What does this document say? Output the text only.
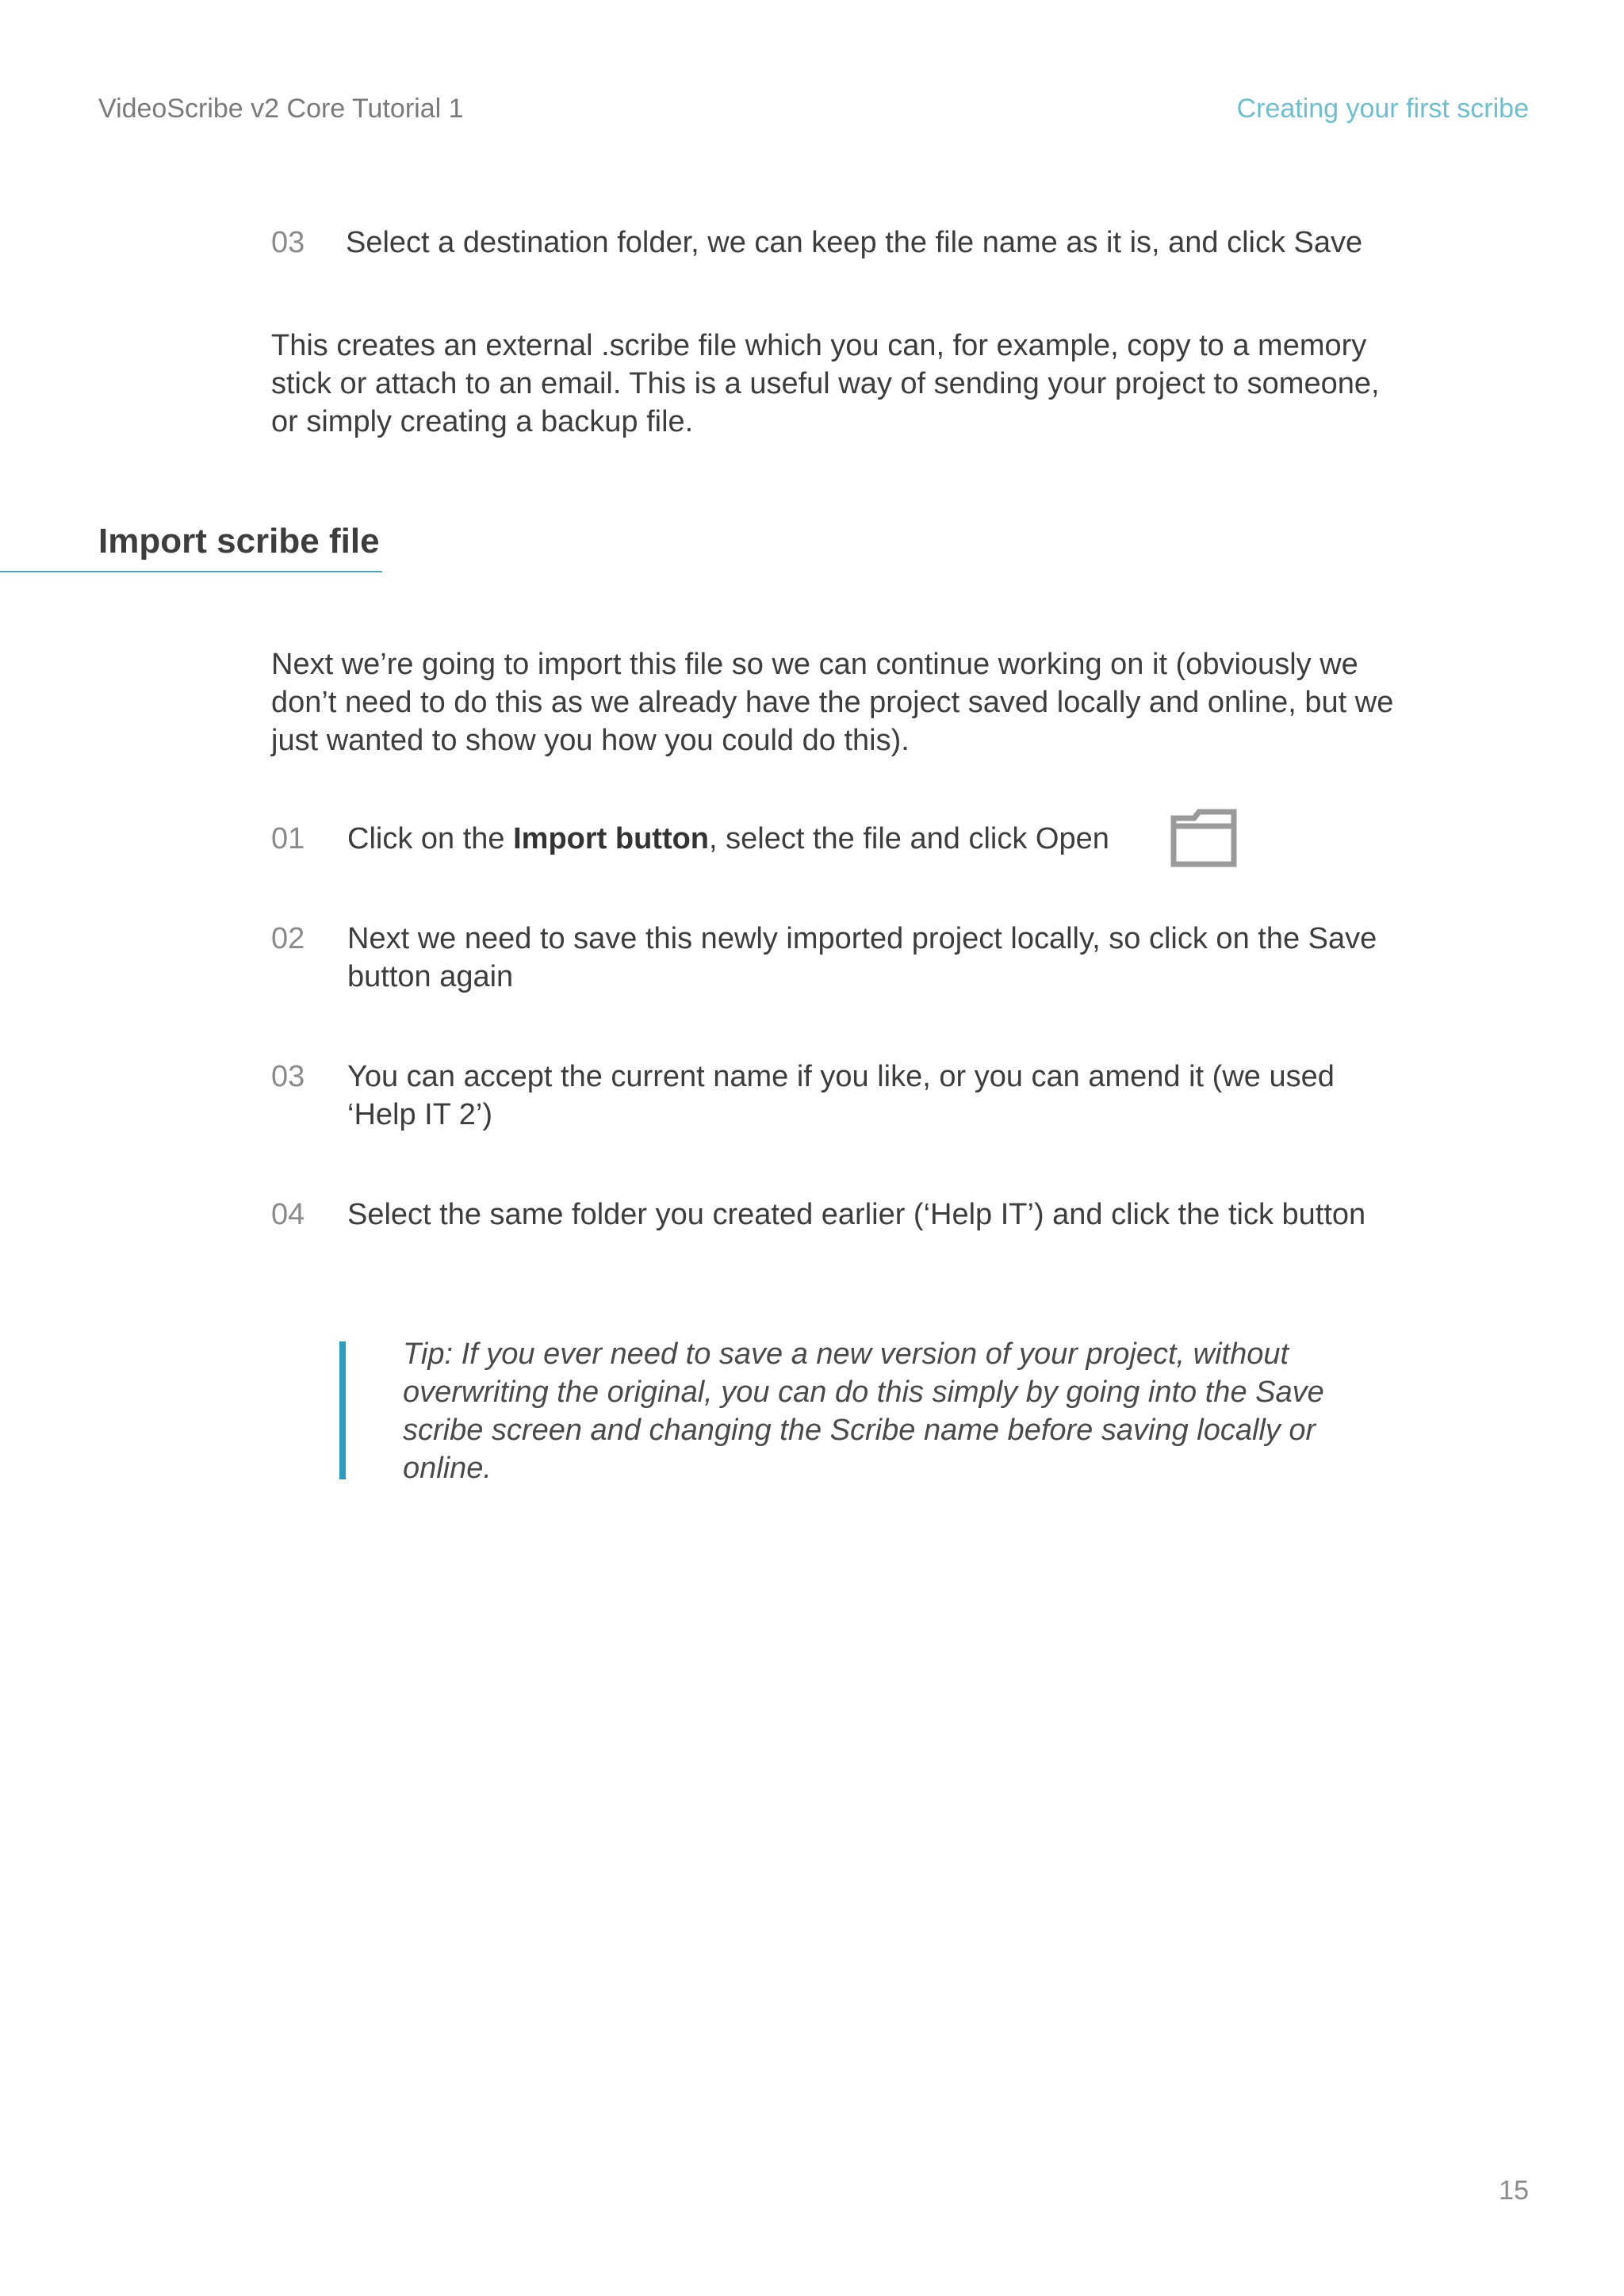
VideoScribe v2 Core Tutorial 1	Creating your first scribe
03	Select a destination folder, we can keep the file name as it is, and click Save
This creates an external .scribe file which you can, for example, copy to a memory stick or attach to an email. This is a useful way of sending your project to someone, or simply creating a backup file.
Import scribe file
Next we’re going to import this file so we can continue working on it (obviously we don’t need to do this as we already have the project saved locally and online, but we just wanted to show you how you could do this).
01	Click on the Import button, select the file and click Open
02	Next we need to save this newly imported project locally, so click on the Save button again
03	You can accept the current name if you like, or you can amend it (we used ‘Help IT 2’)
04	Select the same folder you created earlier (‘Help IT’) and click the tick button
Tip: If you ever need to save a new version of your project, without overwriting the original, you can do this simply by going into the Save scribe screen and changing the Scribe name before saving locally or online.
15
